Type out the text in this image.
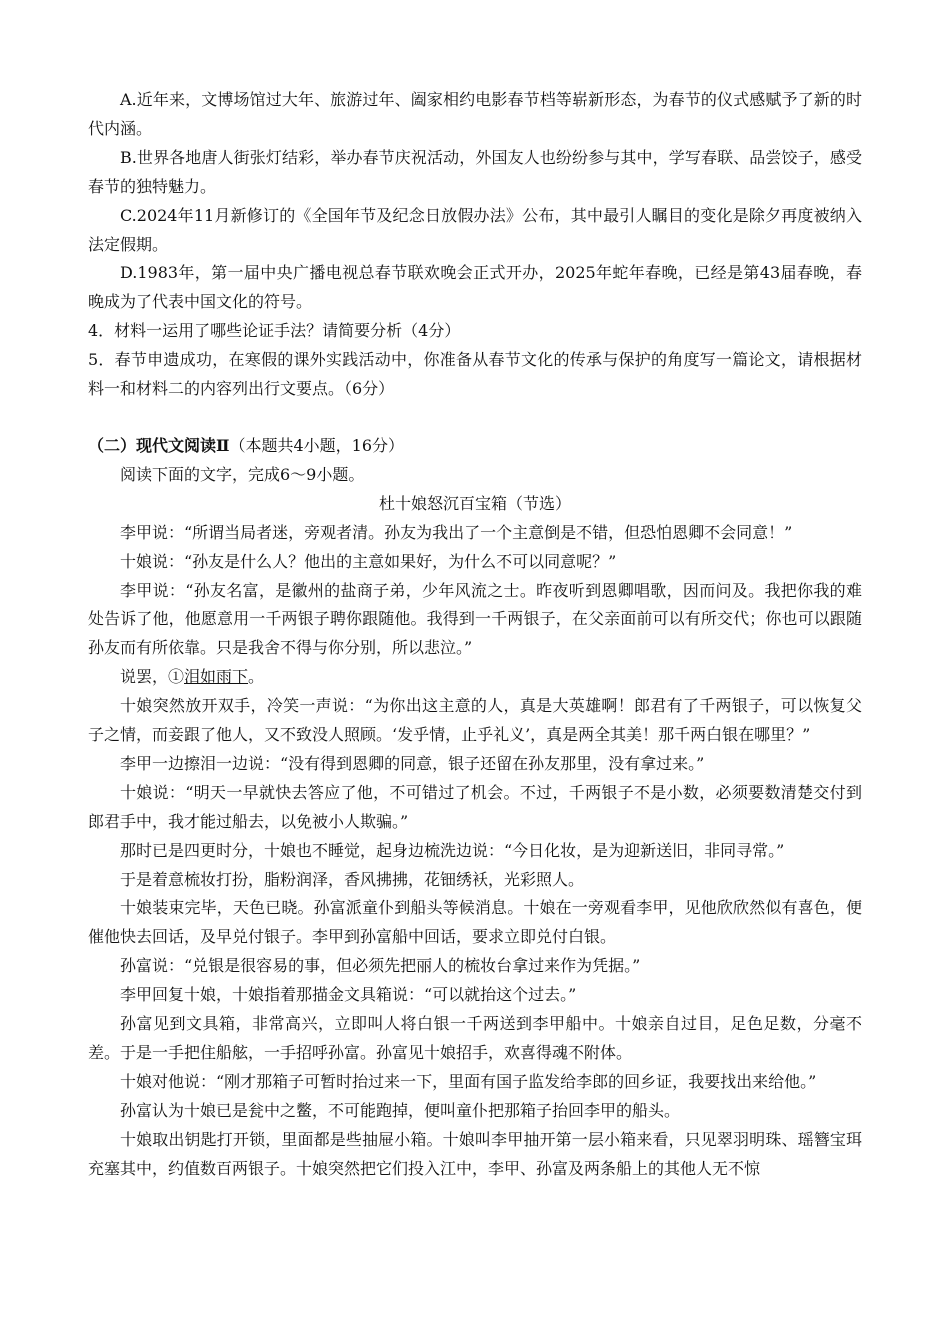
A.近年来，文博场馆过大年、旅游过年、阖家相约电影春节档等崭新形态，为春节的仪式感赋予了新的时代内涵。

B.世界各地唐人街张灯结彩，举办春节庆祝活动，外国友人也纷纷参与其中，学写春联、品尝饺子，感受春节的独特魅力。

C.2024年11月新修订的《全国年节及纪念日放假办法》公布，其中最引人瞩目的变化是除夕再度被纳入法定假期。

D.1983年，第一届中央广播电视总春节联欢晚会正式开办，2025年蛇年春晚，已经是第43届春晚，春晚成为了代表中国文化的符号。

4．材料一运用了哪些论证手法？请简要分析（4分）

5．春节申遗成功，在寒假的课外实践活动中，你准备从春节文化的传承与保护的角度写一篇论文，请根据材料一和材料二的内容列出行文要点。（6分）

（二）现代文阅读Ⅱ（本题共4小题，16分）

阅读下面的文字，完成6～9小题。

杜十娘怒沉百宝箱（节选）

李甲说：“所谓当局者迷，旁观者清。孙友为我出了一个主意倒是不错，但恐怕恩卿不会同意！”

十娘说：“孙友是什么人？他出的主意如果好，为什么不可以同意呢？”

李甲说：“孙友名富，是徽州的盐商子弟，少年风流之士。昨夜听到恩卿唱歌，因而问及。我把你我的难处告诉了他，他愿意用一千两银子聘你跟随他。我得到一千两银子，在父亲面前可以有所交代；你也可以跟随孙友而有所依靠。只是我舍不得与你分别，所以悲泣。”

说罢，①泪如雨下。

十娘突然放开双手，冷笑一声说：“为你出这主意的人，真是大英雄啊！郎君有了千两银子，可以恢复父子之情，而妾跟了他人，又不致没人照顾。‘发乎情，止乎礼义’，真是两全其美！那千两白银在哪里？”

李甲一边擦泪一边说：“没有得到恩卿的同意，银子还留在孙友那里，没有拿过来。”

十娘说：“明天一早就快去答应了他，不可错过了机会。不过，千两银子不是小数，必须要数清楚交付到郎君手中，我才能过船去，以免被小人欺骗。”

那时已是四更时分，十娘也不睡觉，起身边梳洗边说：“今日化妆，是为迎新送旧，非同寻常。”

于是着意梳妆打扮，脂粉润泽，香风拂拂，花钿绣袄，光彩照人。

十娘装束完毕，天色已晓。孙富派童仆到船头等候消息。十娘在一旁观看李甲，见他欣欣然似有喜色，便催他快去回话，及早兑付银子。李甲到孙富船中回话，要求立即兑付白银。

孙富说：“兑银是很容易的事，但必须先把丽人的梳妆台拿过来作为凭据。”

李甲回复十娘，十娘指着那描金文具箱说：“可以就抬这个过去。”

孙富见到文具箱，非常高兴，立即叫人将白银一千两送到李甲船中。十娘亲自过目，足色足数，分毫不差。于是一手把住船舷，一手招呼孙富。孙富见十娘招手，欢喜得魂不附体。

十娘对他说：“刚才那箱子可暂时抬过来一下，里面有国子监发给李郎的回乡证，我要找出来给他。”

孙富认为十娘已是瓮中之鳖，不可能跑掉，便叫童仆把那箱子抬回李甲的船头。

十娘取出钥匙打开锁，里面都是些抽屉小箱。十娘叫李甲抽开第一层小箱来看，只见翠羽明珠、瑶簪宝珥充塞其中，约值数百两银子。十娘突然把它们投入江中，李甲、孙富及两条船上的其他人无不惊
